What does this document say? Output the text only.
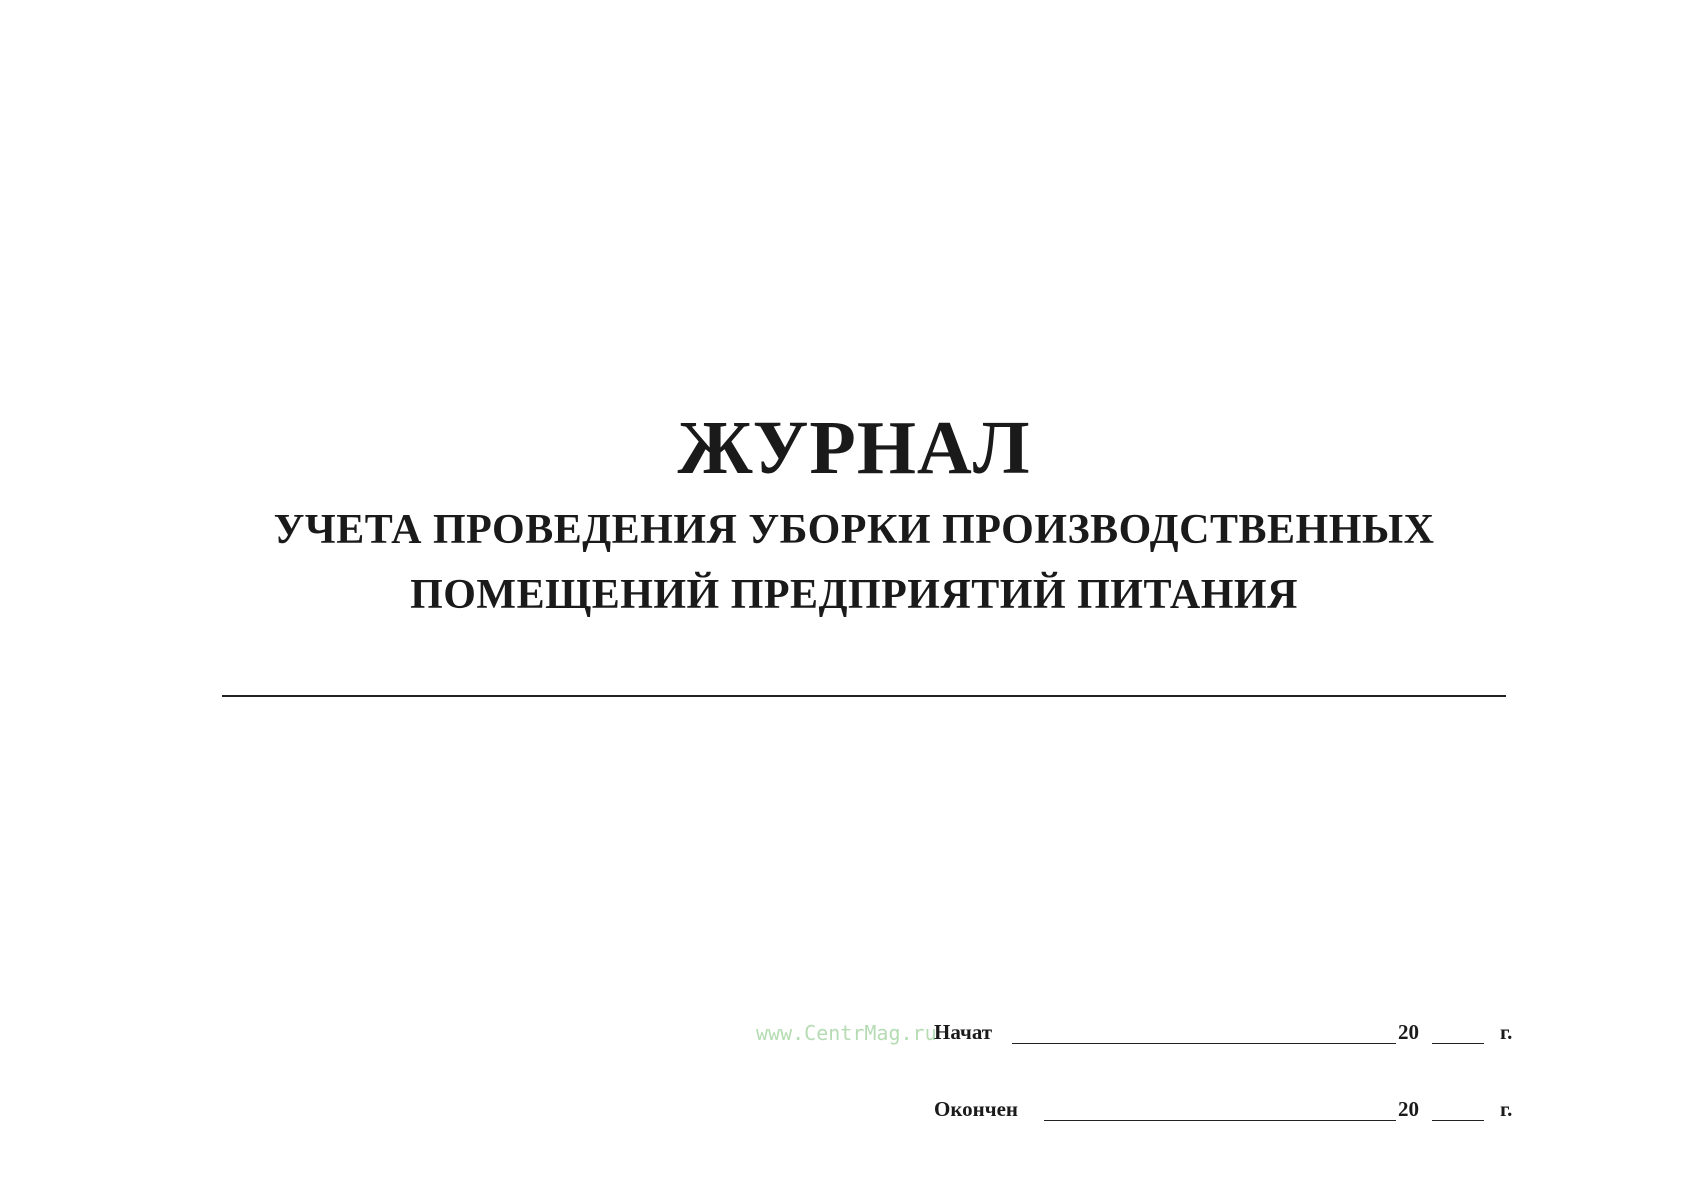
ЖУРНАЛ
УЧЕТА ПРОВЕДЕНИЯ УБОРКИ ПРОИЗВОДСТВЕННЫХ
ПОМЕЩЕНИЙ ПРЕДПРИЯТИЙ ПИТАНИЯ
www.CentrMag.ru
Начат	20	г.
Окончен	20	г.
